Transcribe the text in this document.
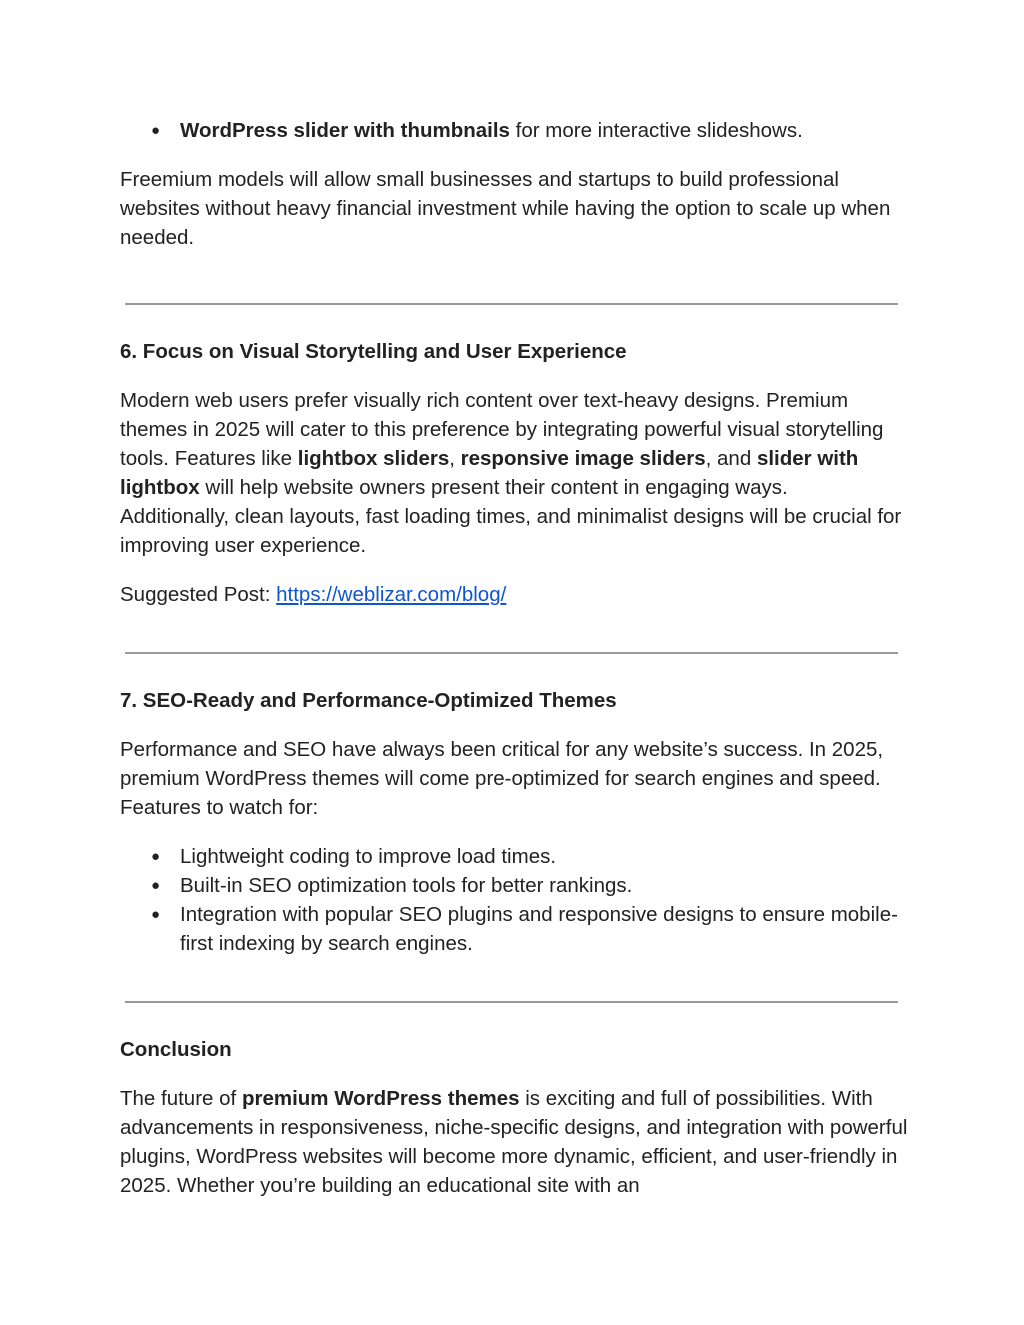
● WordPress slider with thumbnails for more interactive slideshows.

Freemium models will allow small businesses and startups to build professional websites without heavy financial investment while having the option to scale up when needed.

6. Focus on Visual Storytelling and User Experience

Modern web users prefer visually rich content over text-heavy designs. Premium themes in 2025 will cater to this preference by integrating powerful visual storytelling tools. Features like lightbox sliders, responsive image sliders, and slider with lightbox will help website owners present their content in engaging ways.

Additionally, clean layouts, fast loading times, and minimalist designs will be crucial for improving user experience.

Suggested Post: https://weblizar.com/blog/

7. SEO-Ready and Performance-Optimized Themes

Performance and SEO have always been critical for any website’s success. In 2025, premium WordPress themes will come pre-optimized for search engines and speed. Features to watch for:

● Lightweight coding to improve load times.
● Built-in SEO optimization tools for better rankings.
● Integration with popular SEO plugins and responsive designs to ensure mobile-first indexing by search engines.
Conclusion

The future of premium WordPress themes is exciting and full of possibilities. With advancements in responsiveness, niche-specific designs, and integration with powerful plugins, WordPress websites will become more dynamic, efficient, and user-friendly in 2025. Whether you’re building an educational site with an
